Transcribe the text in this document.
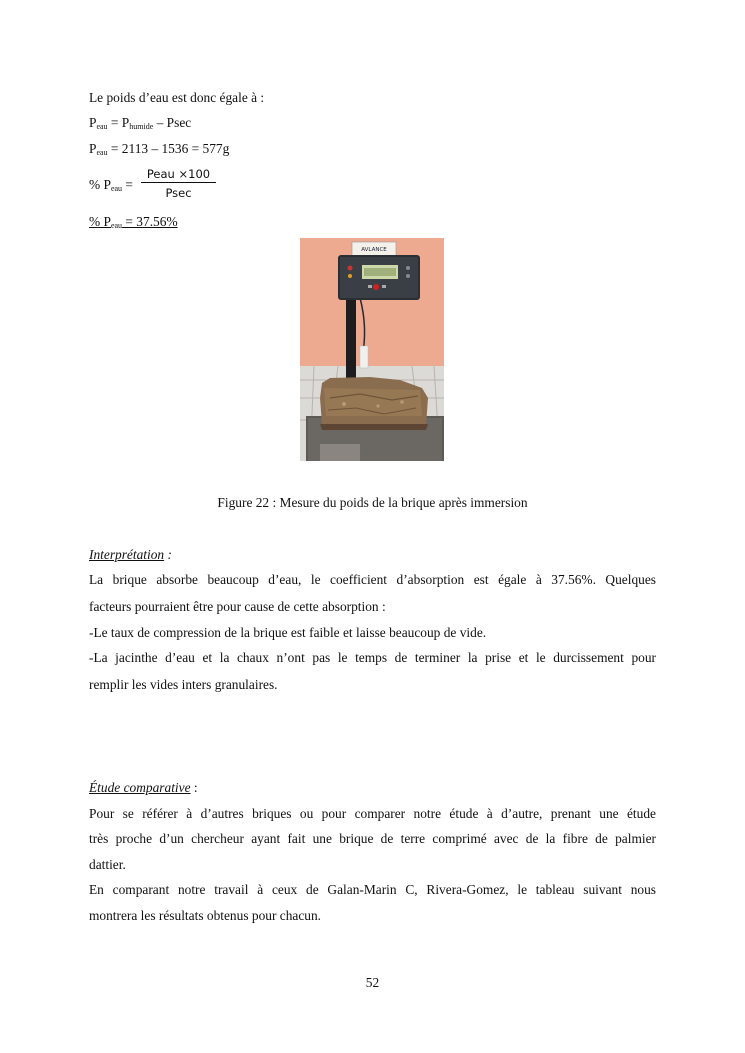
Le poids d’eau est donc égale à :
$P_{eau} = P_{humide} - Psec$
$P_{eau} = 2113 - 1536 = 577g$
% $P_{eau}$ =
Peau ×100
Psec
% $P_{eau} = 37.56\%$
AVLANCE
Figure 22 : Mesure du poids de la brique après immersion
Interprétation :
La brique absorbe beaucoup d’eau, le coefficient d’absorption est égale à 37.56%. Quelques
facteurs pourraient être pour cause de cette absorption :
-Le taux de compression de la brique est faible et laisse beaucoup de vide.
-La jacinthe d’eau et la chaux n’ont pas le temps de terminer la prise et le durcissement pour
remplir les vides inters granulaires.
Étude comparative :
Pour se référer à d’autres briques ou pour comparer notre étude à d’autre, prenant une étude
très proche d’un chercheur ayant fait une brique de terre comprimé avec de la fibre de palmier
dattier.
En comparant notre travail à ceux de Galan-Marin C, Rivera-Gomez, le tableau suivant nous
montrera les résultats obtenus pour chacun.
52
